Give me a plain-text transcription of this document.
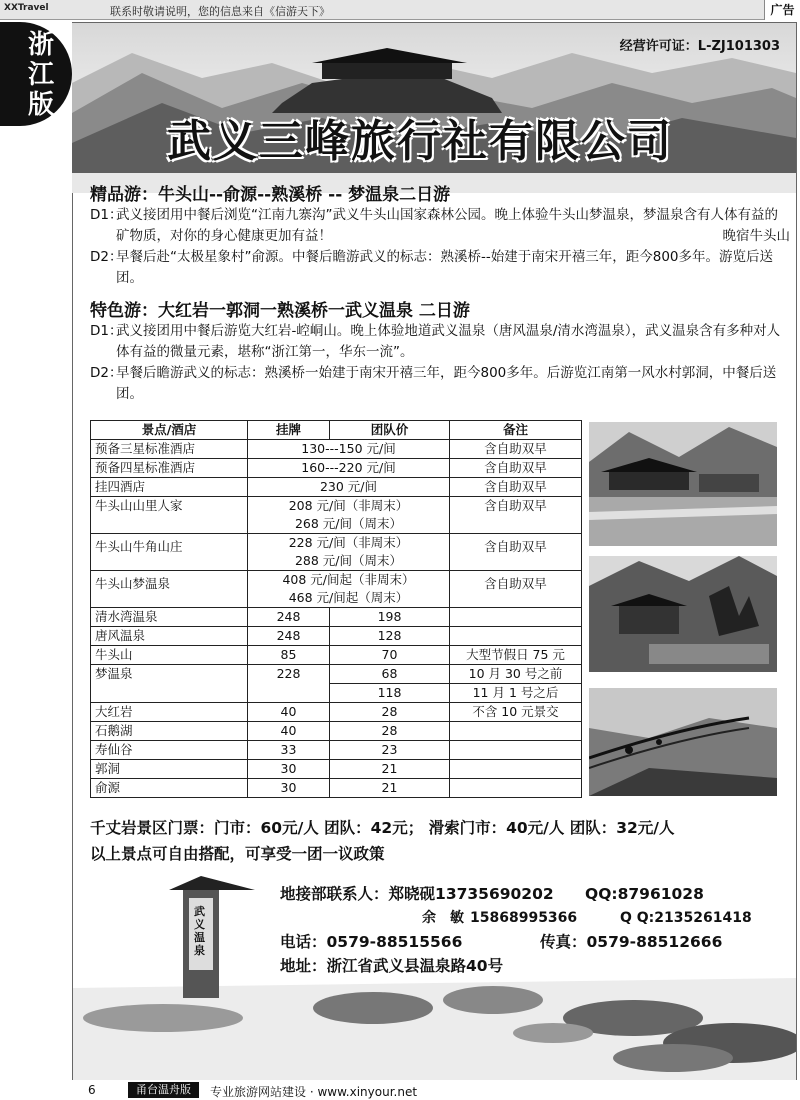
XXTravel	联系时敬请说明，您的信息来自《信游天下》	广告
浙江版
经营许可证：L-ZJ101303
武义三峰旅行社有限公司
精品游：牛头山--俞源--熟溪桥 -- 梦温泉二日游
D1：
武义接团用中餐后浏览“江南九寨沟”武义牛头山国家森林公园。晚上体验牛头山梦温泉，梦温泉含有人体有益的矿物质，对你的身心健康更加有益！	晚宿牛头山
D2：
早餐后赴“太极星象村”俞源。中餐后瞻游武义的标志：熟溪桥--始建于南宋开禧三年，距今800多年。游览后送团。
特色游：大红岩一郭洞一熟溪桥一武义温泉 二日游
D1：
武义接团用中餐后游览大红岩-崆峒山。晚上体验地道武义温泉（唐风温泉/清水湾温泉），武义温泉含有多种对人体有益的微量元素，堪称“浙江第一，华东一流”。
D2：
早餐后瞻游武义的标志：熟溪桥一始建于南宋开禧三年，距今800多年。后游览江南第一风水村郭洞，中餐后送团。
景点/酒店	挂牌	团队价	备注
预备三星标准酒店	130---150 元/间		含自助双早
预备四星标准酒店	160---220 元/间		含自助双早
挂四酒店	230 元/间		含自助双早
牛头山山里人家	208 元/间（非周末）
268 元/间（周末）		含自助双早
牛头山牛角山庄	228 元/间（非周末）
288 元/间（周末）		含自助双早
牛头山梦温泉	408 元/间起（非周末）
468 元/间起（周末）		含自助双早
清水湾温泉	248	198	
唐风温泉	248	128	
牛头山	85	70	大型节假日 75 元
梦温泉	228	68	10 月 30 号之前
		118	11 月 1 号之后
大红岩	40	28	不含 10 元景交
石鹅湖	40	28	
寿仙谷	33	23	
郭洞	30	21	
俞源	30	21	
千丈岩景区门票：门市：60元/人 团队：42元； 滑索门市：40元/人 团队：32元/人
以上景点可自由搭配，可享受一团一议政策
武义温泉
地接部联系人： 郑晓砚 13735690202	QQ:87961028
余　敏 15868995366	Q Q:2135261418
电话：0579-88515566	传真：0579-88512666
地址：浙江省武义县温泉路40号
6	甬台温舟版	专业旅游网站建设 · www.xinyour.net
